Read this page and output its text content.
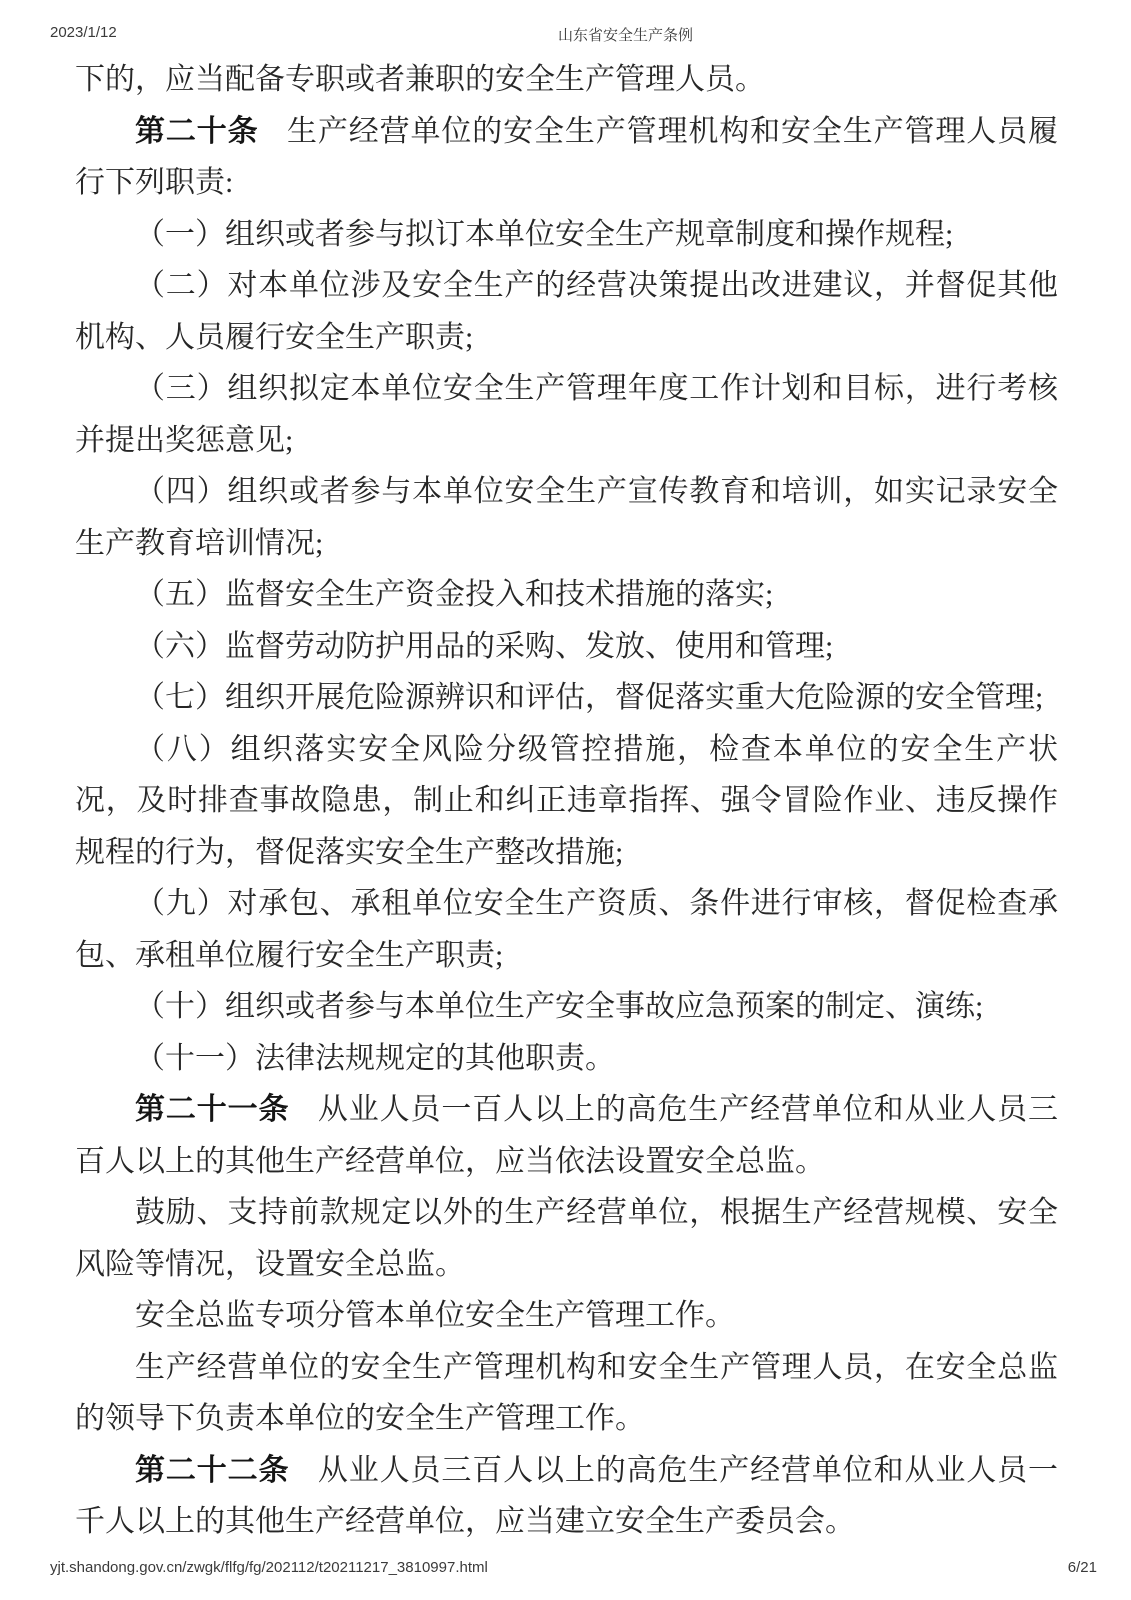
2023/1/12	山东省安全生产条例

下的，应当配备专职或者兼职的安全生产管理人员。

第二十条 生产经营单位的安全生产管理机构和安全生产管理人员履行下列职责:

（一）组织或者参与拟订本单位安全生产规章制度和操作规程;

（二）对本单位涉及安全生产的经营决策提出改进建议，并督促其他机构、人员履行安全生产职责;

（三）组织拟定本单位安全生产管理年度工作计划和目标，进行考核并提出奖惩意见;

（四）组织或者参与本单位安全生产宣传教育和培训，如实记录安全生产教育培训情况;

（五）监督安全生产资金投入和技术措施的落实;

（六）监督劳动防护用品的采购、发放、使用和管理;

（七）组织开展危险源辨识和评估，督促落实重大危险源的安全管理;

（八）组织落实安全风险分级管控措施，检查本单位的安全生产状况，及时排查事故隐患，制止和纠正违章指挥、强令冒险作业、违反操作规程的行为，督促落实安全生产整改措施;

（九）对承包、承租单位安全生产资质、条件进行审核，督促检查承包、承租单位履行安全生产职责;

（十）组织或者参与本单位生产安全事故应急预案的制定、演练;

（十一）法律法规规定的其他职责。

第二十一条 从业人员一百人以上的高危生产经营单位和从业人员三百人以上的其他生产经营单位，应当依法设置安全总监。

鼓励、支持前款规定以外的生产经营单位，根据生产经营规模、安全风险等情况，设置安全总监。

安全总监专项分管本单位安全生产管理工作。

生产经营单位的安全生产管理机构和安全生产管理人员，在安全总监的领导下负责本单位的安全生产管理工作。

第二十二条 从业人员三百人以上的高危生产经营单位和从业人员一千人以上的其他生产经营单位，应当建立安全生产委员会。

yjt.shandong.gov.cn/zwgk/flfg/fg/202112/t20211217_3810997.html	6/21
